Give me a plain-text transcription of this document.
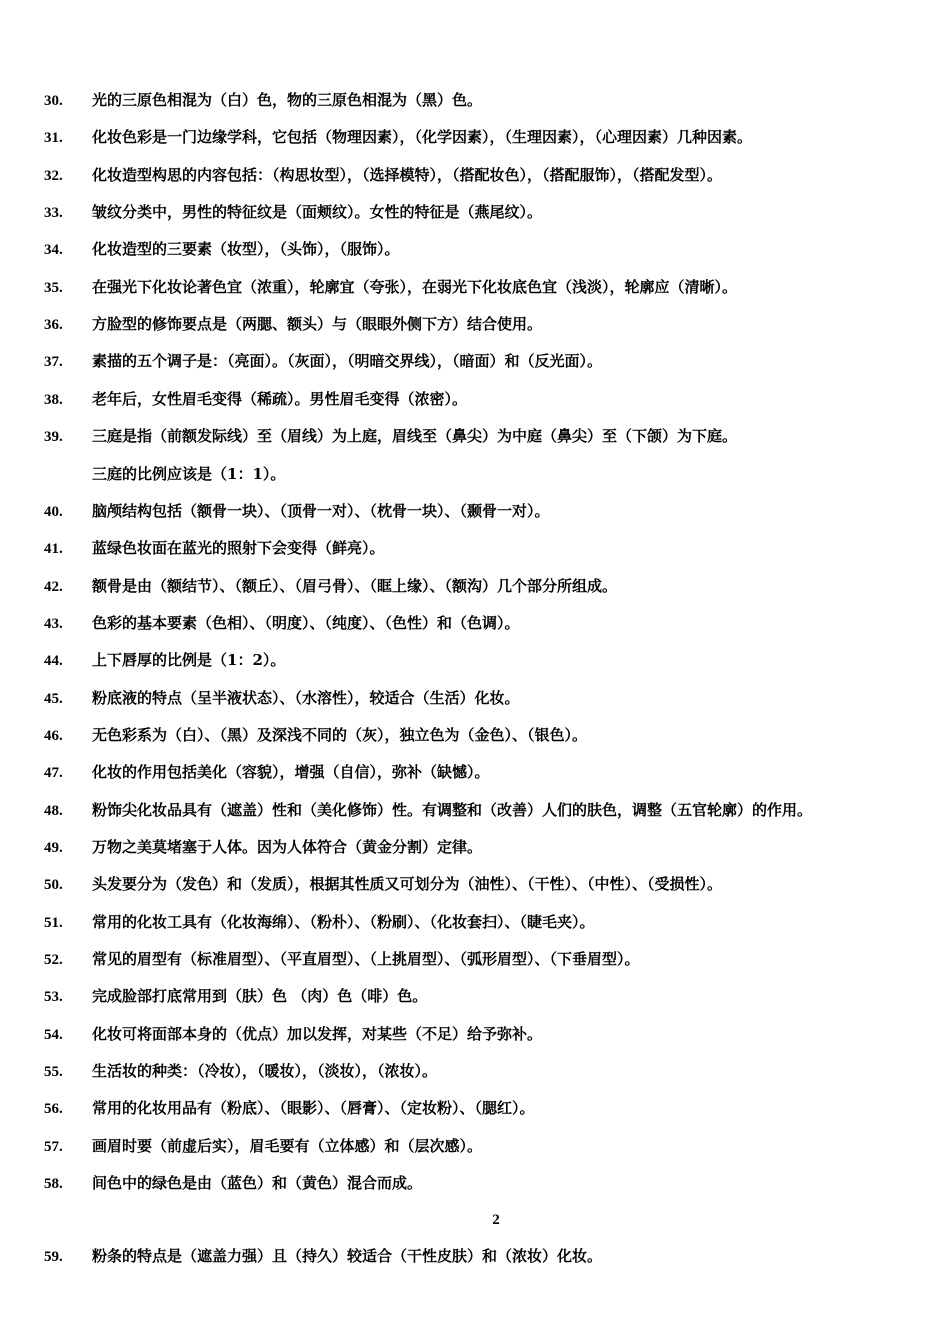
30. 光的三原色相混为（白）色，物的三原色相混为（黑）色。
31. 化妆色彩是一门边缘学科，它包括（物理因素），（化学因素），（生理因素），（心理因素）几种因素。
32. 化妆造型构思的内容包括：（构思妆型），（选择模特），（搭配妆色），（搭配服饰），（搭配发型）。
33. 皱纹分类中，男性的特征纹是（面颊纹）。女性的特征是（燕尾纹）。
34. 化妆造型的三要素（妆型），（头饰），（服饰）。
35. 在强光下化妆论著色宜（浓重），轮廓宜（夸张），在弱光下化妆底色宜（浅淡），轮廓应（清晰）。
36. 方脸型的修饰要点是（两腮、额头）与（眼眼外侧下方）结合使用。
37. 素描的五个调子是：（亮面）。（灰面），（明暗交界线），（暗面）和（反光面）。
38. 老年后，女性眉毛变得（稀疏）。男性眉毛变得（浓密）。
39. 三庭是指（前额发际线）至（眉线）为上庭，眉线至（鼻尖）为中庭（鼻尖）至（下颌）为下庭。
三庭的比例应该是（1：1）。
40. 脑颅结构包括（额骨一块）、（顶骨一对）、（枕骨一块）、（颞骨一对）。
41. 蓝绿色妆面在蓝光的照射下会变得（鲜亮）。
42. 额骨是由（额结节）、（额丘）、（眉弓骨）、（眶上缘）、（额沟）几个部分所组成。
43. 色彩的基本要素（色相）、（明度）、（纯度）、（色性）和（色调）。
44. 上下唇厚的比例是（1：2）。
45. 粉底液的特点（呈半液状态）、（水溶性），较适合（生活）化妆。
46. 无色彩系为（白）、（黑）及深浅不同的（灰），独立色为（金色）、（银色）。
47. 化妆的作用包括美化（容貌），增强（自信），弥补（缺憾）。
48. 粉饰尖化妆品具有（遮盖）性和（美化修饰）性。有调整和（改善）人们的肤色，调整（五官轮廓）的作用。
49. 万物之美莫堵塞于人体。因为人体符合（黄金分割）定律。
50. 头发要分为（发色）和（发质），根据其性质又可划分为（油性）、（干性）、（中性）、（受损性）。
51. 常用的化妆工具有（化妆海绵）、（粉朴）、（粉刷）、（化妆套扫）、（睫毛夹）。
52. 常见的眉型有（标准眉型）、（平直眉型）、（上挑眉型）、（弧形眉型）、（下垂眉型）。
53. 完成脸部打底常用到（肤）色 （肉）色（啡）色。
54. 化妆可将面部本身的（优点）加以发挥，对某些（不足）给予弥补。
55. 生活妆的种类：（冷妆），（暖妆），（淡妆），（浓妆）。
56. 常用的化妆用品有（粉底）、（眼影）、（唇膏）、（定妆粉）、（腮红）。
57. 画眉时要（前虚后实），眉毛要有（立体感）和（层次感）。
58. 间色中的绿色是由（蓝色）和（黄色）混合而成。
2
59. 粉条的特点是（遮盖力强）且（持久）较适合（干性皮肤）和（浓妆）化妆。
